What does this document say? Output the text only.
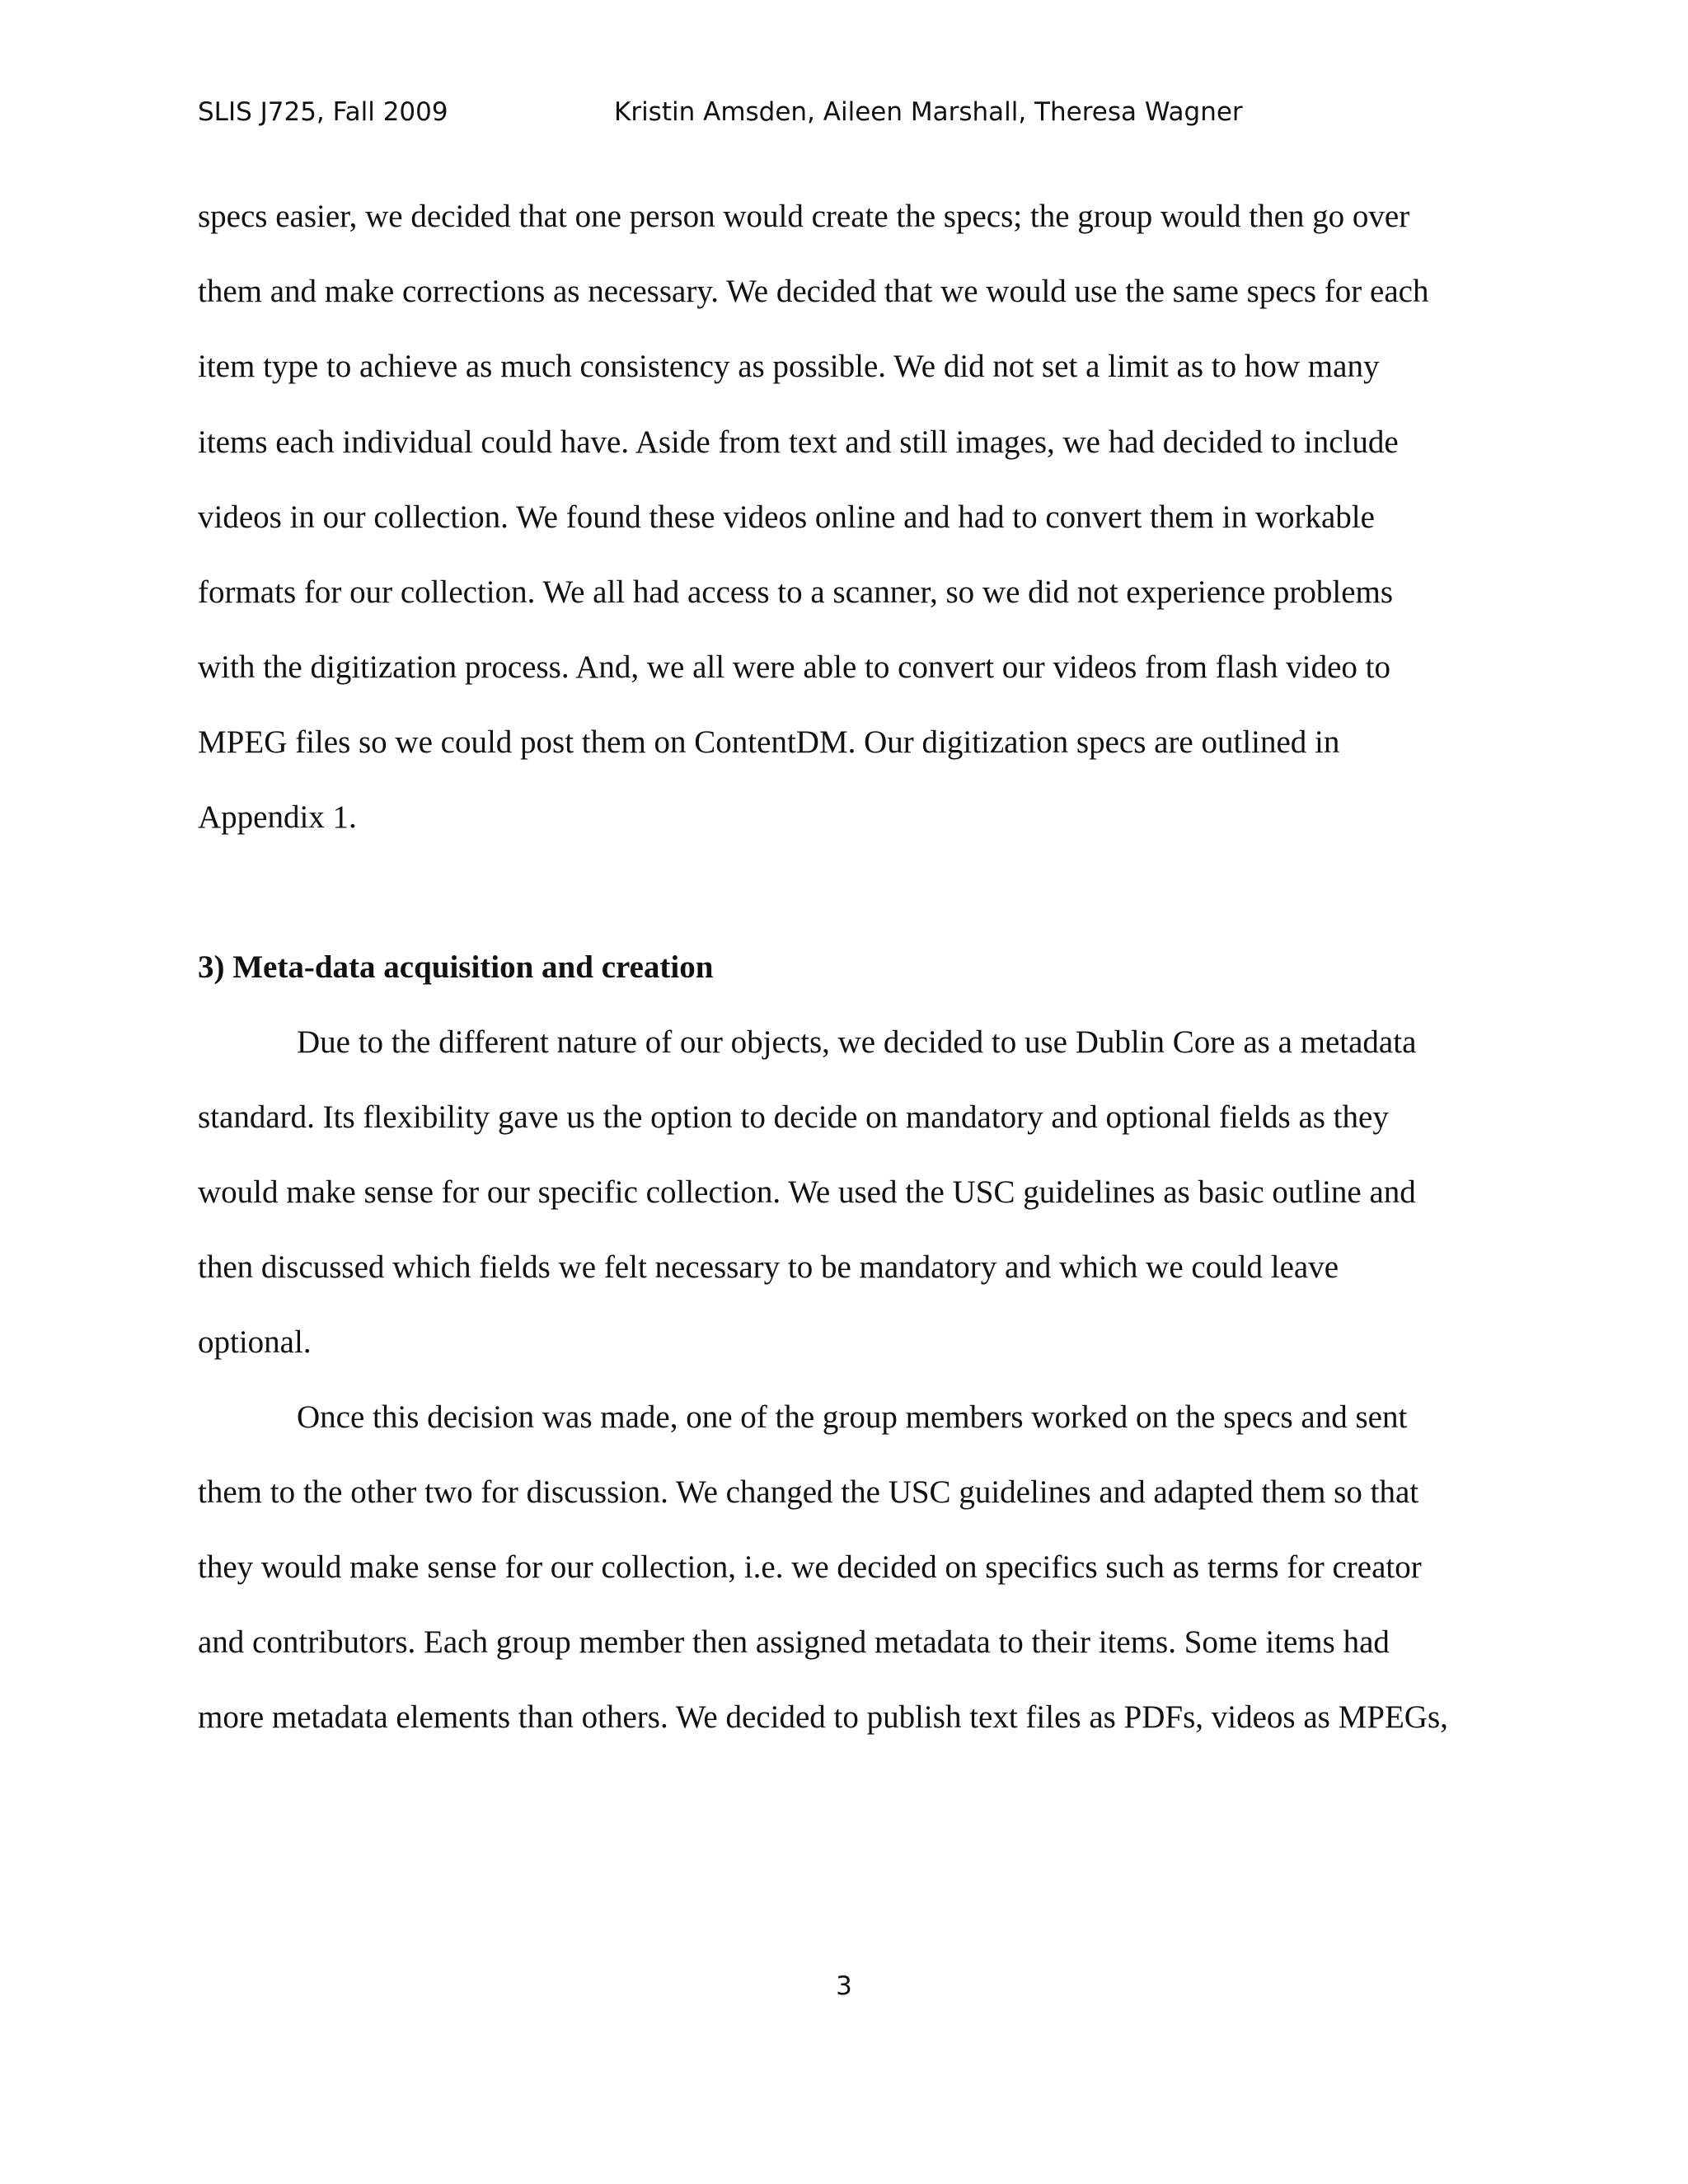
SLIS J725, Fall 2009	Kristin Amsden, Aileen Marshall, Theresa Wagner
specs easier, we decided that one person would create the specs; the group would then go over
them and make corrections as necessary. We decided that we would use the same specs for each
item type to achieve as much consistency as possible. We did not set a limit as to how many
items each individual could have. Aside from text and still images, we had decided to include
videos in our collection. We found these videos online and had to convert them in workable
formats for our collection. We all had access to a scanner, so we did not experience problems
with the digitization process. And, we all were able to convert our videos from flash video to
MPEG files so we could post them on ContentDM. Our digitization specs are outlined in
Appendix 1.
3) Meta-data acquisition and creation
Due to the different nature of our objects, we decided to use Dublin Core as a metadata
standard. Its flexibility gave us the option to decide on mandatory and optional fields as they
would make sense for our specific collection. We used the USC guidelines as basic outline and
then discussed which fields we felt necessary to be mandatory and which we could leave
optional.
Once this decision was made, one of the group members worked on the specs and sent
them to the other two for discussion. We changed the USC guidelines and adapted them so that
they would make sense for our collection, i.e. we decided on specifics such as terms for creator
and contributors. Each group member then assigned metadata to their items. Some items had
more metadata elements than others. We decided to publish text files as PDFs, videos as MPEGs,
3
